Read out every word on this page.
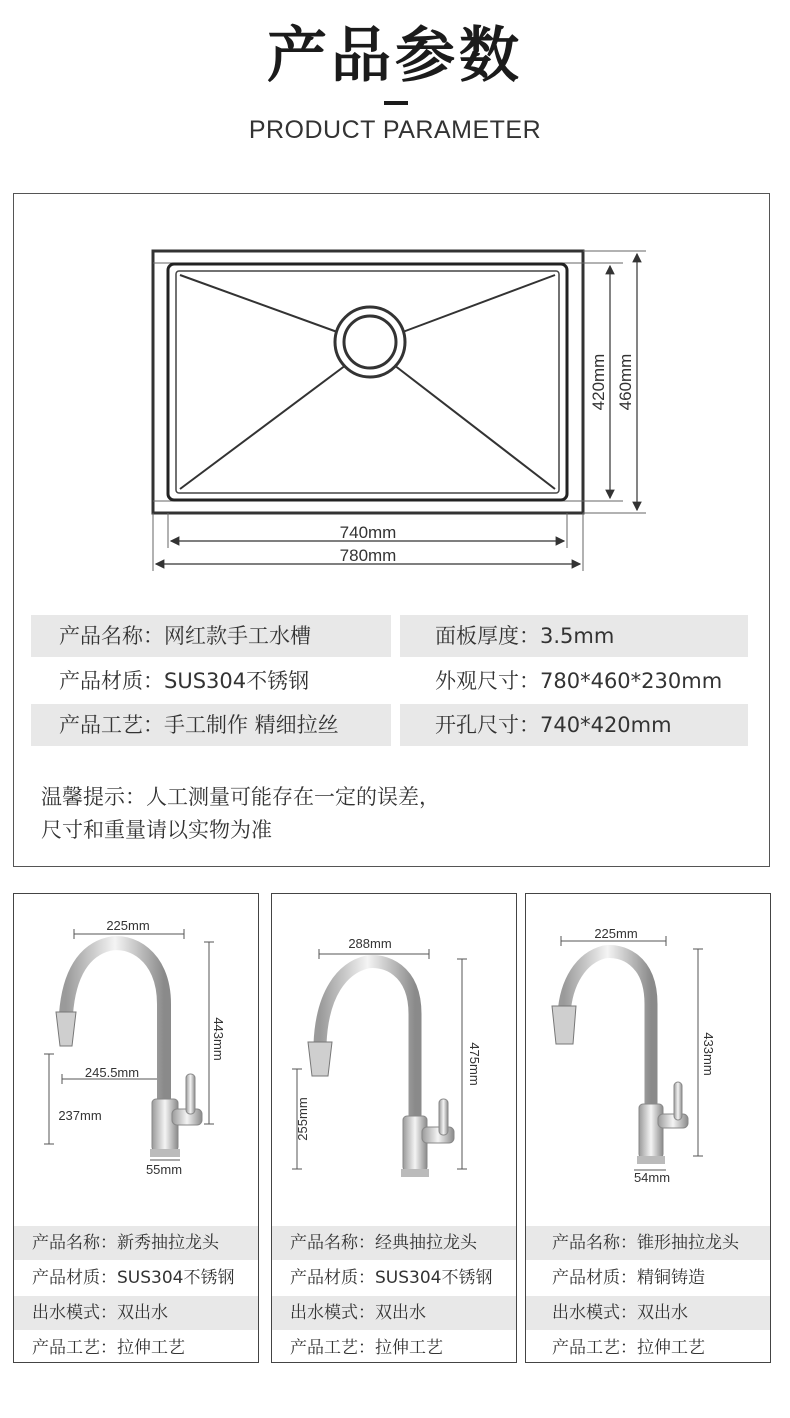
产品参数
PRODUCT PARAMETER
420mm 460mm
740mm
780mm
产品名称：网红款手工水槽	面板厚度：3.5mm
产品材质：SUS304不锈钢	外观尺寸：780*460*230mm
产品工艺：手工制作 精细拉丝	开孔尺寸：740*420mm
温馨提示：人工测量可能存在一定的误差，
尺寸和重量请以实物为准
225mm
443mm
237mm
245.5mm
55mm
产品名称：新秀抽拉龙头
产品材质：SUS304不锈钢
出水模式：双出水
产品工艺：拉伸工艺
288mm
475mm
255mm
产品名称：经典抽拉龙头
产品材质：SUS304不锈钢
出水模式：双出水
产品工艺：拉伸工艺
225mm
433mm
54mm
产品名称：锥形抽拉龙头
产品材质：精铜铸造
出水模式：双出水
产品工艺：拉伸工艺
